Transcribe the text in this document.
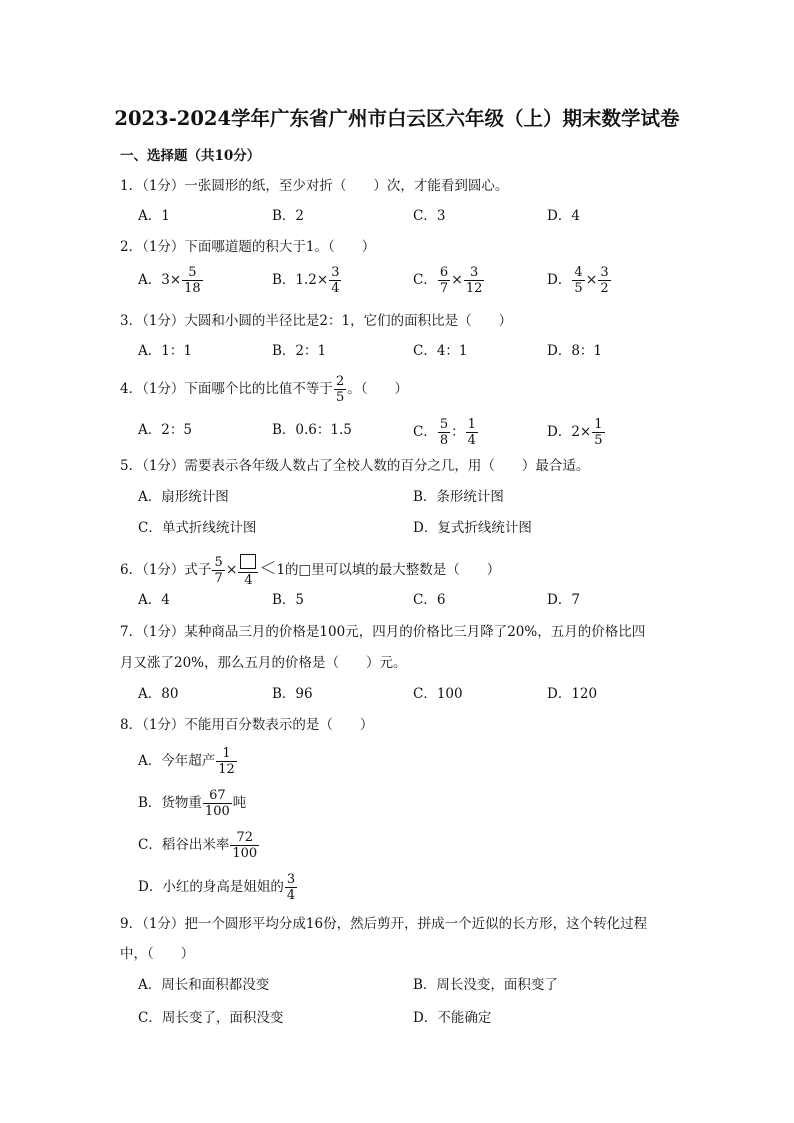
2023-2024学年广东省广州市白云区六年级（上）期末数学试卷
一、选择题（共10分）
1．（1分）一张圆形的纸，至少对折（　　）次，才能看到圆心。
A．1	B．2	C．3	D．4
2．（1分）下面哪道题的积大于1。（　　）
A．$3\times \frac{5}{18}$	B．$1.2\times \frac{3}{4}$	C． $\frac{6}{7} \times \frac{3}{12}$	D． $\frac{4}{5} \times \frac{3}{2}$
3．（1分）大圆和小圆的半径比是2：1，它们的面积比是（　　）
A．1：1	B．2：1	C．4：1	D．8：1
4．（1分）下面哪个比的比值不等于 $\frac{2}{5}$ 。（　　）
A．2：5	B．0.6：1.5	C． $\frac{5}{8}$ ： $\frac{1}{4}$	D．$2\times \frac{1}{5}$
5．（1分）需要表示各年级人数占了全校人数的百分之几，用（　　）最合适。
A．扇形统计图	B．条形统计图
C．单式折线统计图	D．复式折线统计图
6．（1分）式子 $\frac{5}{7}$ ×
4
＜1的□里可以填的最大整数是（　　）
A．4	B．5	C．6	D．7
7．（1分）某种商品三月的价格是100元，四月的价格比三月降了20%，五月的价格比四
月又涨了20%，那么五月的价格是（　　）元。
A．80	B．96	C．100	D．120
8．（1分）不能用百分数表示的是（　　）
A．今年超产 $\frac{1}{12}$
B．货物重 $\frac{67}{100}$ 吨
C．稻谷出米率 $\frac{72}{100}$
D．小红的身高是姐姐的 $\frac{3}{4}$
9．（1分）把一个圆形平均分成16份，然后剪开，拼成一个近似的长方形，这个转化过程
中，（　　）
A．周长和面积都没变	B．周长没变，面积变了
C．周长变了，面积没变	D．不能确定
